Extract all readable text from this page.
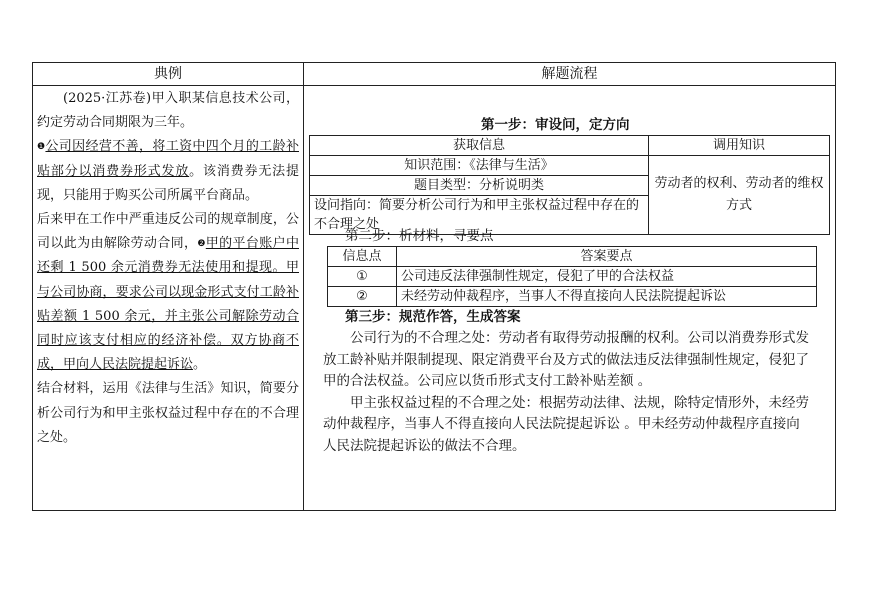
典例	解题流程

(2025·江苏卷)甲入职某信息技术公司，约定劳动合同期限为三年。

$^❶$公司因经营不善，将工资中四个月的工龄补贴部分以消费券形式发放。该消费券无法提现，只能用于购买公司所属平台商品。

后来甲在工作中严重违反公司的规章制度，公司以此为由解除劳动合同，$^❷$甲的平台账户中还剩 1 500 余元消费券无法使用和提现。甲与公司协商，要求公司以现金形式支付工龄补贴差额 1 500 余元，并主张公司解除劳动合同时应该支付相应的经济补偿。双方协商不成，甲向人民法院提起诉讼。

结合材料，运用《法律与生活》知识，简要分析公司行为和甲主张权益过程中存在的不合理之处。

第一步：审设问，定方向
获取信息	调用知识
知识范围：《法律与生活》	劳动者的权利、劳动者的维权方式
题目类型：分析说明类	
设问指向：简要分析公司行为和甲主张权益过程中存在的不合理之处	
第二步：析材料，寻要点
信息点	答案要点
①	公司违反法律强制性规定，侵犯了甲的合法权益
②	未经劳动仲裁程序，当事人不得直接向人民法院提起诉讼
第三步：规范作答，生成答案

公司行为的不合理之处：劳动者有取得劳动报酬的权利。公司以消费券形式发放工龄补贴并限制提现、限定消费平台及方式的做法违反法律强制性规定，侵犯了甲的合法权益。公司应以货币形式支付工龄补贴差额 。

甲主张权益过程的不合理之处：根据劳动法律、法规，除特定情形外，未经劳动仲裁程序，当事人不得直接向人民法院提起诉讼 。甲未经劳动仲裁程序直接向人民法院提起诉讼的做法不合理。
